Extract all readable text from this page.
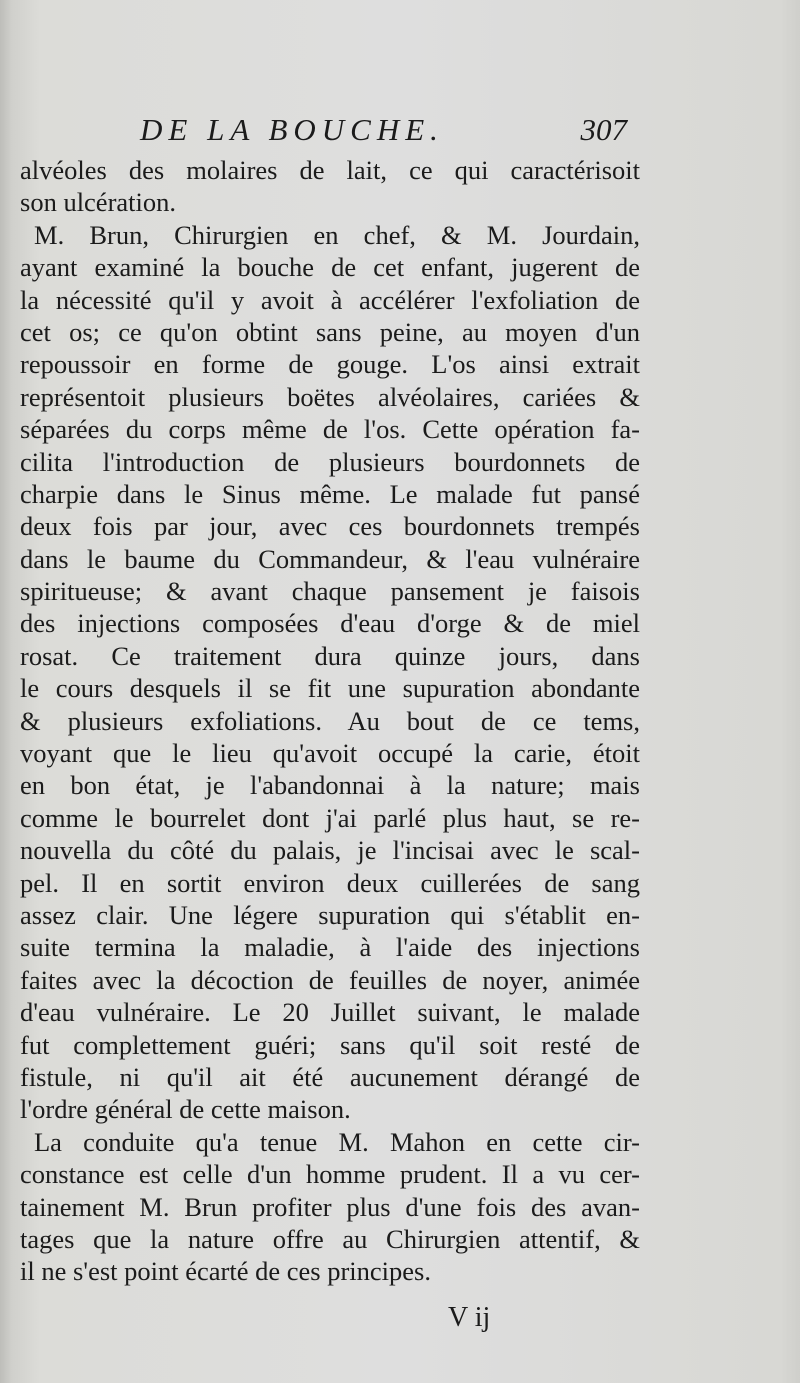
DE LA BOUCHE.	307
alvéoles des molaires de lait, ce qui caractérisoit
son ulcération.
M. Brun, Chirurgien en chef, & M. Jourdain,
ayant examiné la bouche de cet enfant, jugerent de
la nécessité qu'il y avoit à accélérer l'exfoliation de
cet os; ce qu'on obtint sans peine, au moyen d'un
repoussoir en forme de gouge. L'os ainsi extrait
représentoit plusieurs boëtes alvéolaires, cariées &
séparées du corps même de l'os. Cette opération fa-
cilita l'introduction de plusieurs bourdonnets de
charpie dans le Sinus même. Le malade fut pansé
deux fois par jour, avec ces bourdonnets trempés
dans le baume du Commandeur, & l'eau vulnéraire
spiritueuse; & avant chaque pansement je faisois
des injections composées d'eau d'orge & de miel
rosat. Ce traitement dura quinze jours, dans
le cours desquels il se fit une supuration abondante
& plusieurs exfoliations. Au bout de ce tems,
voyant que le lieu qu'avoit occupé la carie, étoit
en bon état, je l'abandonnai à la nature; mais
comme le bourrelet dont j'ai parlé plus haut, se re-
nouvella du côté du palais, je l'incisai avec le scal-
pel. Il en sortit environ deux cuillerées de sang
assez clair. Une légere supuration qui s'établit en-
suite termina la maladie, à l'aide des injections
faites avec la décoction de feuilles de noyer, animée
d'eau vulnéraire. Le 20 Juillet suivant, le malade
fut complettement guéri; sans qu'il soit resté de
fistule, ni qu'il ait été aucunement dérangé de
l'ordre général de cette maison.
La conduite qu'a tenue M. Mahon en cette cir-
constance est celle d'un homme prudent. Il a vu cer-
tainement M. Brun profiter plus d'une fois des avan-
tages que la nature offre au Chirurgien attentif, &
il ne s'est point écarté de ces principes.
V ij
